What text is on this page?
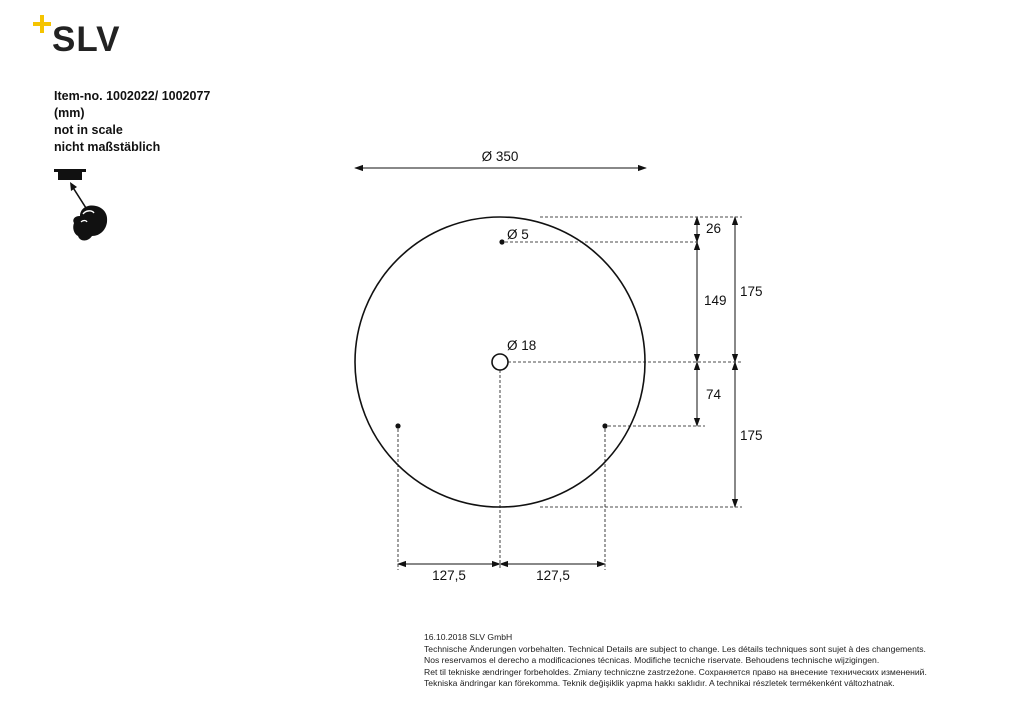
SLV
Item-no. 1002022/ 1002077
(mm)
not in scale
nicht maßstäblich
Ø 350
26
149
74
175
175
Ø 5
Ø 18
127,5	127,5
16.10.2018 SLV GmbH
Technische Änderungen vorbehalten. Technical Details are subject to change. Les détails techniques sont sujet à des changements.
Nos reservamos el derecho a modificaciones técnicas. Modifiche tecniche riservate. Behoudens technische wijzigingen.
Ret til tekniske ændringer forbeholdes. Zmiany techniczne zastrzeżone. Сохраняется право на внесение технических изменений.
Tekniska ändringar kan förekomma. Teknik değişiklik yapma hakkı saklıdır. A technikai részletek termékenként változhatnak.
